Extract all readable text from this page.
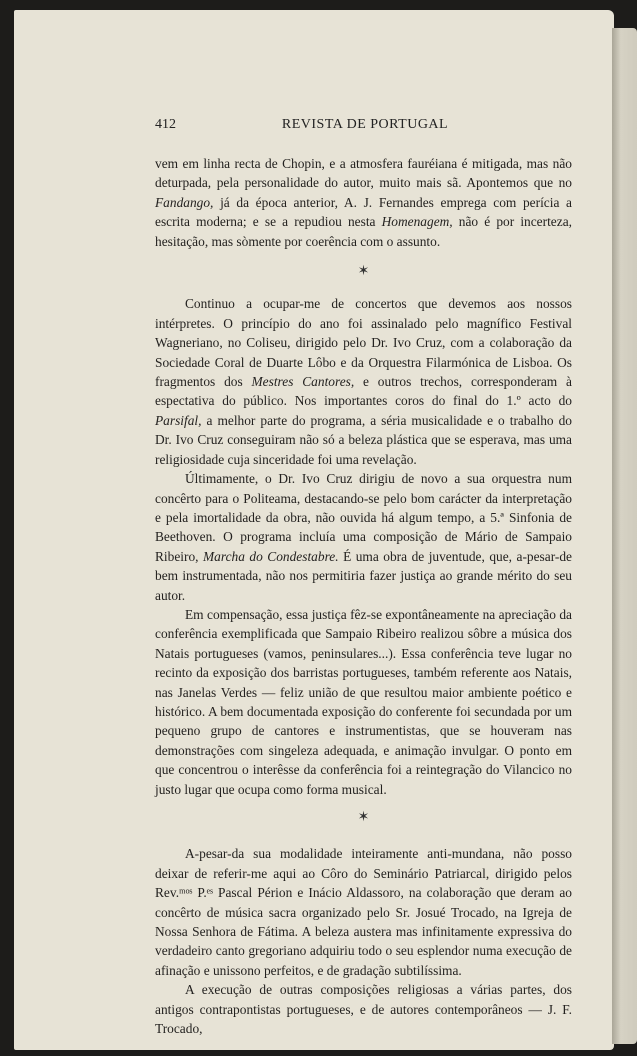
412	REVISTA DE PORTUGAL

vem em linha recta de Chopin, e a atmosfera fauréiana é mitigada, mas não deturpada, pela personalidade do autor, muito mais sã. Apontemos que no Fandango, já da época anterior, A. J. Fernandes emprega com perícia a escrita moderna; e se a repudiou nesta Homenagem, não é por incerteza, hesitação, mas sòmente por coerência com o assunto.

✶

Continuo a ocupar-me de concertos que devemos aos nossos intérpretes. O princípio do ano foi assinalado pelo magnífico Festival Wagneriano, no Coliseu, dirigido pelo Dr. Ivo Cruz, com a colaboração da Sociedade Coral de Duarte Lôbo e da Orquestra Filarmónica de Lisboa. Os fragmentos dos Mestres Cantores, e outros trechos, corresponderam à espectativa do público. Nos importantes coros do final do 1.º acto do Parsifal, a melhor parte do programa, a séria musicalidade e o trabalho do Dr. Ivo Cruz conseguiram não só a beleza plástica que se esperava, mas uma religiosidade cuja sinceridade foi uma revelação.

Últimamente, o Dr. Ivo Cruz dirigiu de novo a sua orquestra num concêrto para o Politeama, destacando-se pelo bom carácter da interpretação e pela imortalidade da obra, não ouvida há algum tempo, a 5.ª Sinfonia de Beethoven. O programa incluía uma composição de Mário de Sampaio Ribeiro, Marcha do Condestabre. É uma obra de juventude, que, a-pesar-de bem instrumentada, não nos permitiria fazer justiça ao grande mérito do seu autor.

Em compensação, essa justiça fêz-se expontâneamente na apreciação da conferência exemplificada que Sampaio Ribeiro realizou sôbre a música dos Natais portugueses (vamos, peninsulares...). Essa conferência teve lugar no recinto da exposição dos barristas portugueses, também referente aos Natais, nas Janelas Verdes — feliz união de que resultou maior ambiente poético e histórico. A bem documentada exposição do conferente foi secundada por um pequeno grupo de cantores e instrumentistas, que se houveram nas demonstrações com singeleza adequada, e animação invulgar. O ponto em que concentrou o interêsse da conferência foi a reintegração do Vilancico no justo lugar que ocupa como forma musical.

✶

A-pesar-da sua modalidade inteiramente anti-mundana, não posso deixar de referir-me aqui ao Côro do Seminário Patriarcal, dirigido pelos Rev.ᵐᵒˢ P.ᵉˢ Pascal Périon e Inácio Aldassoro, na colaboração que deram ao concêrto de música sacra organizado pelo Sr. Josué Trocado, na Igreja de Nossa Senhora de Fátima. A beleza austera mas infinitamente expressiva do verdadeiro canto gregoriano adquiriu todo o seu esplendor numa execução de afinação e unissono perfeitos, e de gradação subtilíssima.

A execução de outras composições religiosas a várias partes, dos antigos contrapontistas portugueses, e de autores contemporâneos — J. F. Trocado,
